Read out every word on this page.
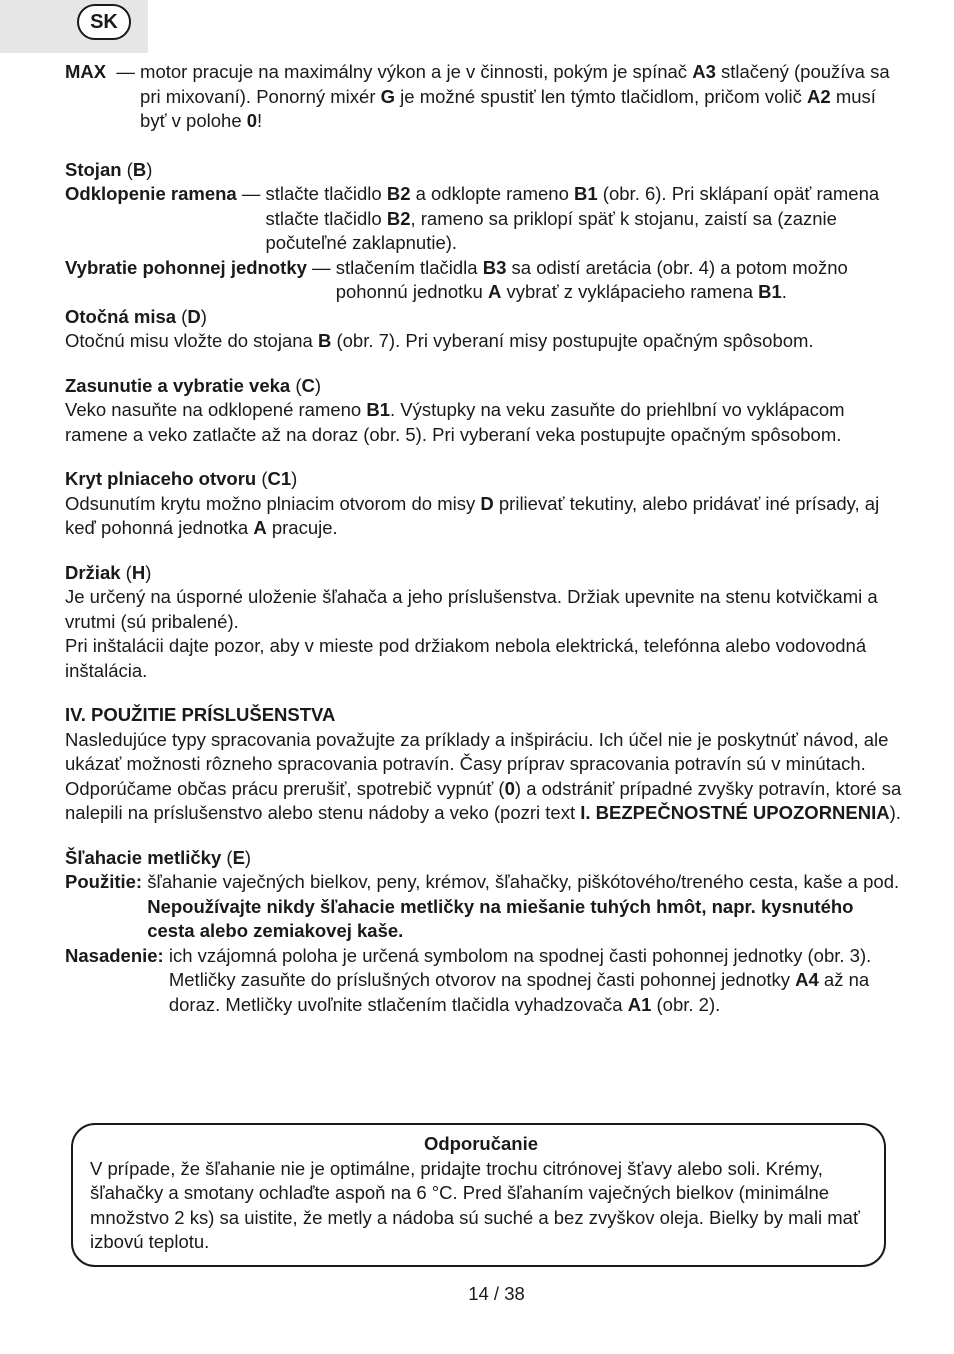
SK
MAX  — motor pracuje na maximálny výkon a je v činnosti, pokým je spínač A3 stlačený (používa sa pri mixovaní). Ponorný mixér G je možné spustiť len týmto tlačidlom, pričom volič A2 musí byť v polohe 0!

Stojan (B)

Odklopenie ramena — stlačte tlačidlo B2 a odklopte rameno B1 (obr. 6). Pri sklápaní opäť ramena stlačte tlačidlo B2, rameno sa priklopí späť k stojanu, zaistí sa (zaznie počuteľné zaklapnutie).
Vybratie pohonnej jednotky — stlačením tlačidla B3 sa odistí aretácia (obr. 4) a potom možno pohonnú jednotku A vybrať z vyklápacieho ramena B1.

Otočná misa (D)

Otočnú misu vložte do stojana B (obr. 7). Pri vyberaní misy postupujte opačným spôsobom.

Zasunutie a vybratie veka (C)

Veko nasuňte na odklopené rameno B1. Výstupky na veku zasuňte do priehlbní vo vyklápacom ramene a veko zatlačte až na doraz (obr. 5). Pri vyberaní veka postupujte opačným spôsobom.

Kryt plniaceho otvoru (C1)

Odsunutím krytu možno plniacim otvorom do misy D prilievať tekutiny, alebo pridávať iné prísady, aj keď pohonná jednotka A pracuje.

Držiak (H)

Je určený na úsporné uloženie šľahača a jeho príslušenstva. Držiak upevnite na stenu kotvičkami a vrutmi (sú pribalené).

Pri inštalácii dajte pozor, aby v mieste pod držiakom nebola elektrická, telefónna alebo vodovodná inštalácia.

IV. POUŽITIE PRÍSLUŠENSTVA

Nasledujúce typy spracovania považujte za príklady a inšpiráciu. Ich účel nie je poskytnúť návod, ale ukázať možnosti rôzneho spracovania potravín. Časy príprav spracovania potravín sú v minútach. Odporúčame občas prácu prerušiť, spotrebič vypnúť (0) a odstrániť prípadné zvyšky potravín, ktoré sa nalepili na príslušenstvo alebo stenu nádoby a veko (pozri text I. BEZPEČNOSTNÉ UPOZORNENIA).

Šľahacie metličky (E)

Použitie: šľahanie vaječných bielkov, peny, krémov, šľahačky, piškótového/treného cesta, kaše a pod. Nepoužívajte nikdy šľahacie metličky na miešanie tuhých hmôt, napr. kysnutého cesta alebo zemiakovej kaše.
Nasadenie: ich vzájomná poloha je určená symbolom na spodnej časti pohonnej jednotky (obr. 3). Metličky zasuňte do príslušných otvorov na spodnej časti pohonnej jednotky A4 až na doraz. Metličky uvoľnite stlačením tlačidla vyhadzovača A1 (obr. 2).

Odporučanie

V prípade, že šľahanie nie je optimálne, pridajte trochu citrónovej šťavy alebo soli. Krémy, šľahačky a smotany ochlaďte aspoň na 6 °C. Pred šľahaním vaječných bielkov (minimálne množstvo 2 ks) sa uistite, že metly a nádoba sú suché a bez zvyškov oleja. Bielky by mali mať izbovú teplotu.

14 / 38
